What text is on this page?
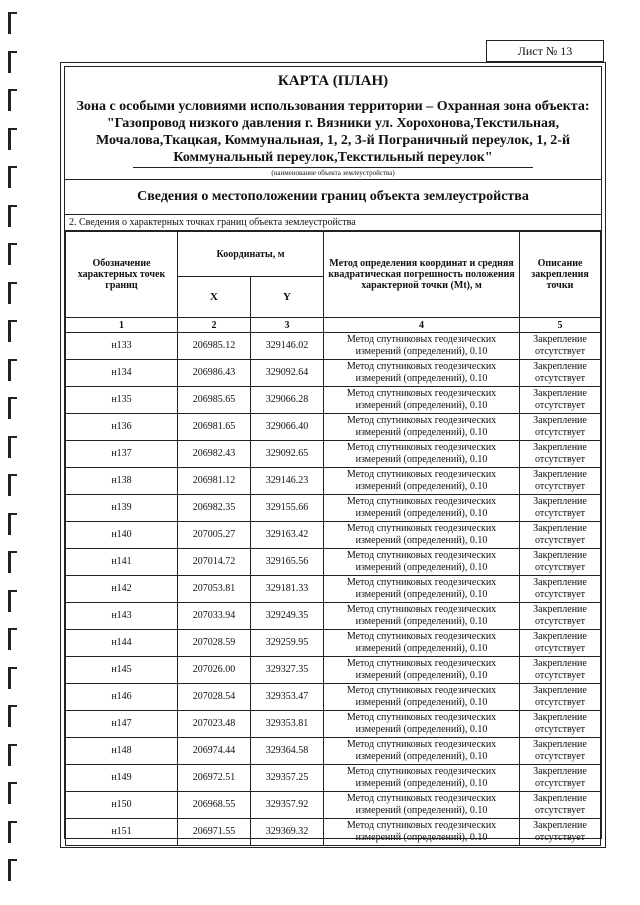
Лист № 13
КАРТА (ПЛАН)
Зона с особыми условиями использования территории – Охранная зона объекта: "Газопровод низкого давления г. Вязники ул. Хорохонова,Текстильная, Мочалова,Ткацкая, Коммунальная, 1, 2, 3-й Пограничный переулок, 1, 2-й Коммунальный переулок,Текстильный переулок"
(наименование объекта землеустройства)
Сведения о местоположении границ объекта землеустройства
2. Сведения о характерных точках границ объекта землеустройства
Обозначение характерных точек границ	Координаты, м		Метод определения координат и средняя квадратическая погрешность положения характерной точки (Mt), м	Описание закрепления точки
	X	Y		
1	2	3	4	5
н133	206985.12	329146.02	Метод спутниковых геодезических измерений (определений), 0.10	Закрепление отсутствует
н134	206986.43	329092.64	Метод спутниковых геодезических измерений (определений), 0.10	Закрепление отсутствует
н135	206985.65	329066.28	Метод спутниковых геодезических измерений (определений), 0.10	Закрепление отсутствует
н136	206981.65	329066.40	Метод спутниковых геодезических измерений (определений), 0.10	Закрепление отсутствует
н137	206982.43	329092.65	Метод спутниковых геодезических измерений (определений), 0.10	Закрепление отсутствует
н138	206981.12	329146.23	Метод спутниковых геодезических измерений (определений), 0.10	Закрепление отсутствует
н139	206982.35	329155.66	Метод спутниковых геодезических измерений (определений), 0.10	Закрепление отсутствует
н140	207005.27	329163.42	Метод спутниковых геодезических измерений (определений), 0.10	Закрепление отсутствует
н141	207014.72	329165.56	Метод спутниковых геодезических измерений (определений), 0.10	Закрепление отсутствует
н142	207053.81	329181.33	Метод спутниковых геодезических измерений (определений), 0.10	Закрепление отсутствует
н143	207033.94	329249.35	Метод спутниковых геодезических измерений (определений), 0.10	Закрепление отсутствует
н144	207028.59	329259.95	Метод спутниковых геодезических измерений (определений), 0.10	Закрепление отсутствует
н145	207026.00	329327.35	Метод спутниковых геодезических измерений (определений), 0.10	Закрепление отсутствует
н146	207028.54	329353.47	Метод спутниковых геодезических измерений (определений), 0.10	Закрепление отсутствует
н147	207023.48	329353.81	Метод спутниковых геодезических измерений (определений), 0.10	Закрепление отсутствует
н148	206974.44	329364.58	Метод спутниковых геодезических измерений (определений), 0.10	Закрепление отсутствует
н149	206972.51	329357.25	Метод спутниковых геодезических измерений (определений), 0.10	Закрепление отсутствует
н150	206968.55	329357.92	Метод спутниковых геодезических измерений (определений), 0.10	Закрепление отсутствует
н151	206971.55	329369.32	Метод спутниковых геодезических измерений (определений), 0.10	Закрепление отсутствует
